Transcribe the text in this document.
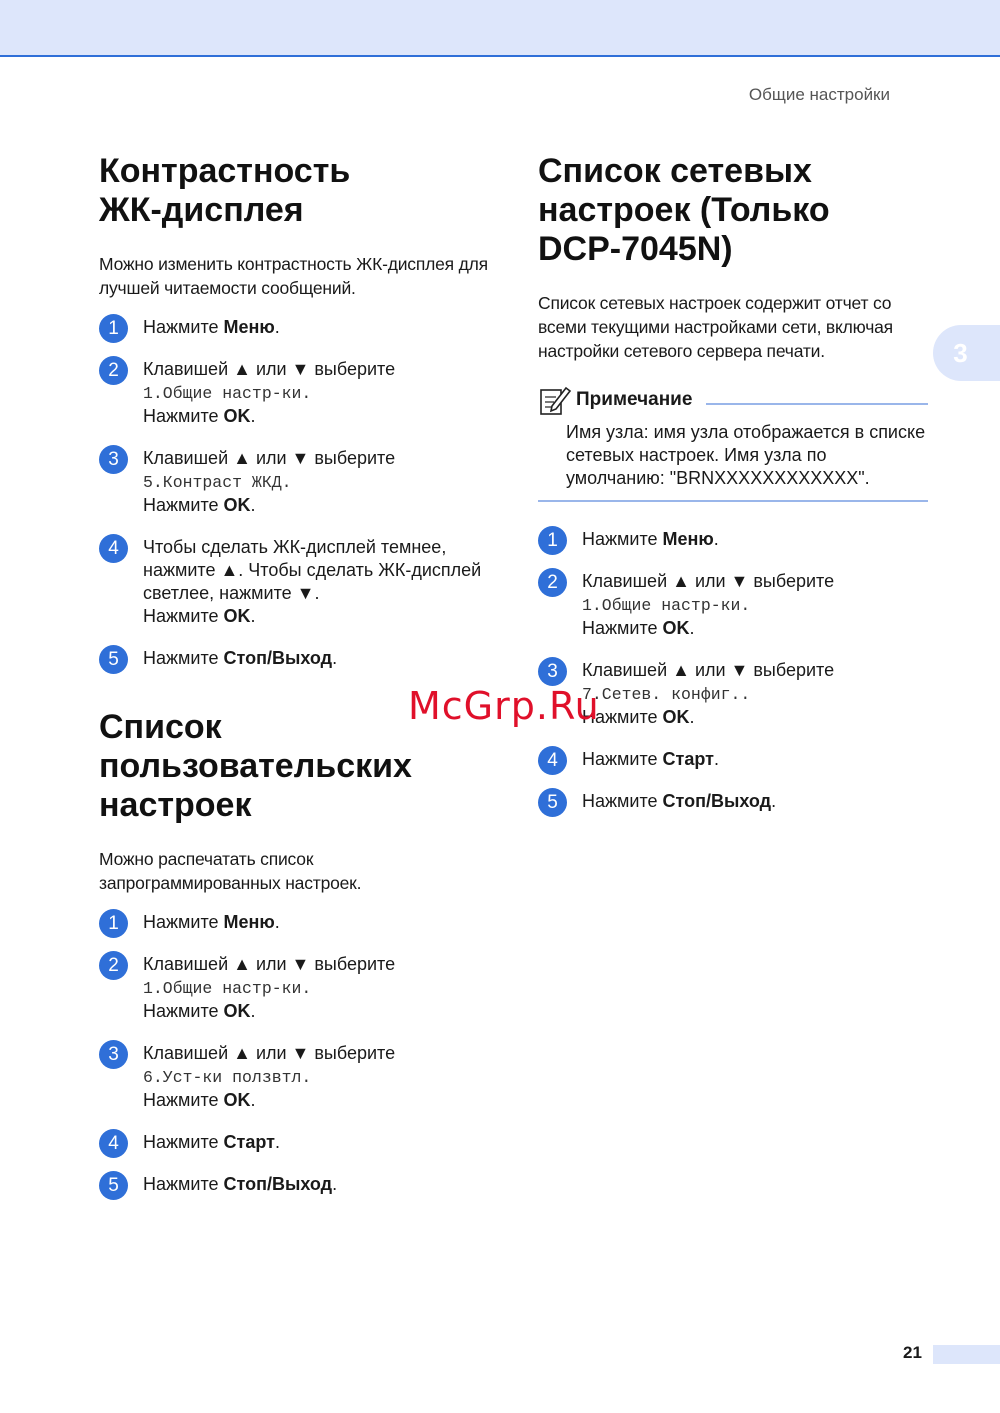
Общие настройки
3
Контрастность
ЖК-дисплея

Можно изменить контрастность ЖК-дисплея для лучшей читаемости сообщений.

1	Нажмите Меню.
2	Клавишей ▲ или ▼ выберите
1.Общие настр-ки.
Нажмите OK.
3	Клавишей ▲ или ▼ выберите
5.Контраст ЖКД.
Нажмите OK.
4	Чтобы сделать ЖК-дисплей темнее, нажмите ▲. Чтобы сделать ЖК-дисплей светлее, нажмите ▼.
Нажмите OK.
5	Нажмите Стоп/Выход.
Список
пользовательских
настроек

Можно распечатать список запрограммированных настроек.

1	Нажмите Меню.
2	Клавишей ▲ или ▼ выберите
1.Общие настр-ки.
Нажмите OK.
3	Клавишей ▲ или ▼ выберите
6.Уст-ки ползвтл.
Нажмите OK.
4	Нажмите Старт.
5	Нажмите Стоп/Выход.
Список сетевых
настроек (Только
DCP-7045N)

Список сетевых настроек содержит отчет со всеми текущими настройками сети, включая настройки сетевого сервера печати.

Примечание
Имя узла: имя узла отображается в списке сетевых настроек. Имя узла по умолчанию: "BRNXXXXXXXXXXXX".
1	Нажмите Меню.
2	Клавишей ▲ или ▼ выберите
1.Общие настр-ки.
Нажмите OK.
3	Клавишей ▲ или ▼ выберите
7.Сетев. конфиг..
Нажмите OK.
4	Нажмите Старт.
5	Нажмите Стоп/Выход.
McGrp.Ru
21
